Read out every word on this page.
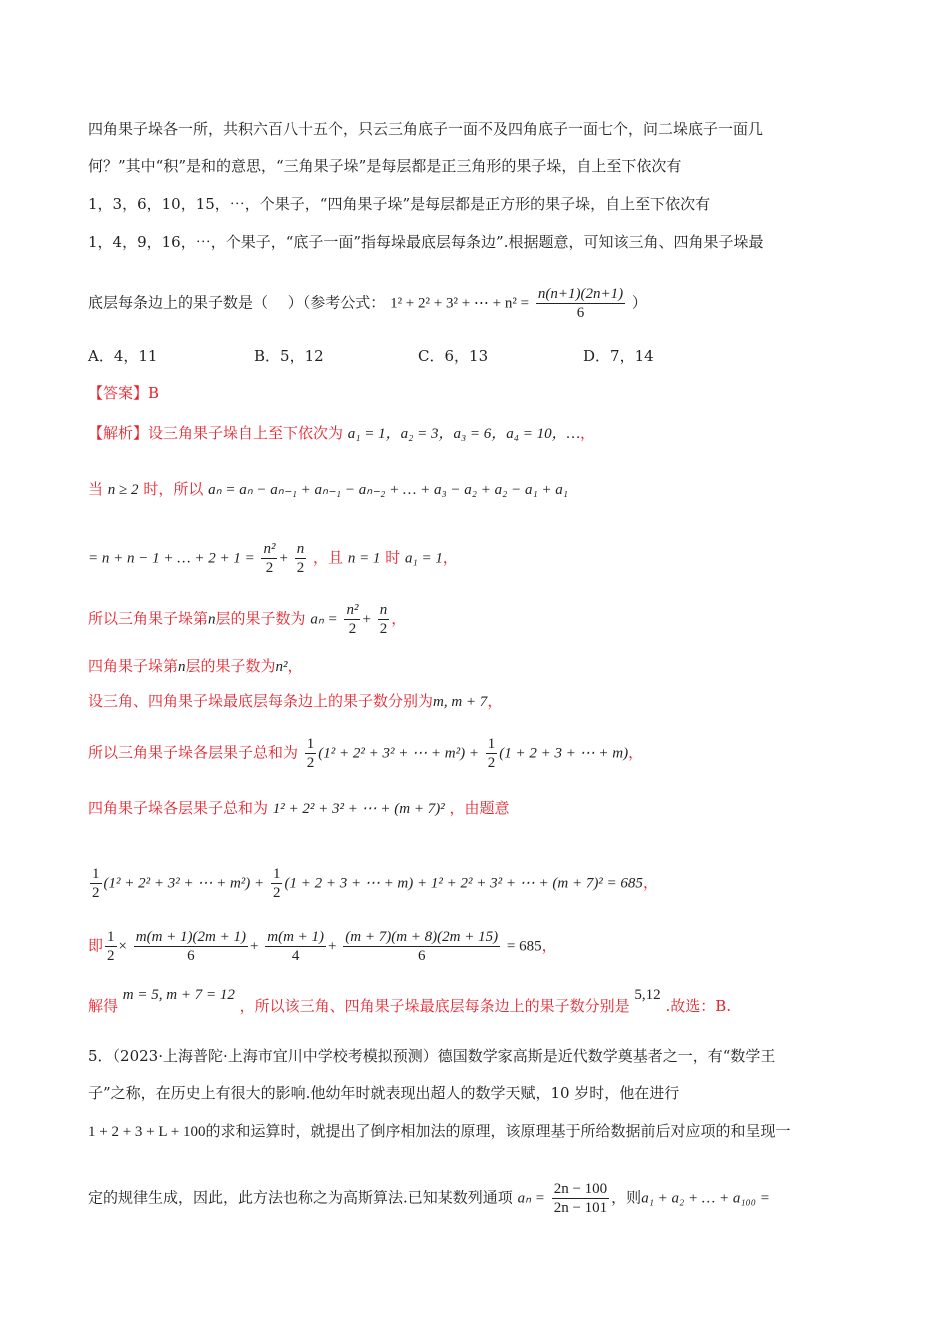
四角果子垛各一所，共积六百八十五个，只云三角底子一面不及四角底子一面七个，问二垛底子一面几
何？”其中“积”是和的意思，“三角果子垛”是每层都是正三角形的果子垛，自上至下依次有
1，3，6，10，15，⋯，个果子，“四角果子垛”是每层都是正方形的果子垛，自上至下依次有
1，4，9，16，⋯，个果子，“底子一面”指每垛最底层每条边”.根据题意，可知该三角、四角果子垛最
底层每条边上的果子数是（　 ）（参考公式： 1² + 2² + 3² + ⋯ + $n^2 = \frac{n(n+1)(2n+1)}{6}$ ）
A．4，11	B．5，12	C．6，13	D．7，14
【答案】B
【解析】设三角果子垛自上至下依次为 a₁ = 1，a₂ = 3，a₃ = 6，a₄ = 10，…，
当 n ≥ 2 时，所以 aₙ = aₙ − aₙ₋₁ + aₙ₋₁ − aₙ₋₂ + … + a₃ − a₂ + a₂ − a₁ + a₁
= n + n − 1 + … + $2 + 1 = \frac{\text{n²}}{2} + \frac{n}{2}$ ，且 n = 1 时 a₁ = 1，
所以三角果子垛第n层的果子数为 $a_n = \frac{\text{n²}}{2} + \frac{n}{2}$ ，
四角果子垛第n层的果子数为n²，
设三角、四角果子垛最底层每条边上的果子数分别为m, m + 7，
所以三角果子垛各层果子总和为 $\frac{1}{2} (1^2 + 2^2 + 3^2$ + ⋯ + $m^2) + \frac{1}{2} (1 + 2 + 3$ + ⋯ + m)，
四角果子垛各层果子总和为 1² + 2² + 3² + ⋯ + (m + 7)² ，由题意
$\frac{1}{2} (1^2 + 2^2 + 3^2$ + ⋯ + $m^2) + \frac{1}{2} (1 + 2 + 3$ + ⋯ + m) + 1² + 2² + 3² + ⋯ + (m + 7)² = 685，
即 $\frac{1}{2} \times \frac{m(m + 1)(2m + 1)}{6} + \frac{m(m + 1)}{4} + \frac{(m + 7)(m + 8)(2m + 15)}{6} = 685$，
解得 m = 5, m + 7 = 12 ，所以该三角、四角果子垛最底层每条边上的果子数分别是 5,12 .故选：B.
5．（2023·上海普陀·上海市宜川中学校考模拟预测）德国数学家高斯是近代数学奠基者之一，有“数学王
子”之称，在历史上有很大的影响.他幼年时就表现出超人的数学天赋，10 岁时，他在进行
1 + 2 + 3 + L + 100的求和运算时，就提出了倒序相加法的原理，该原理基于所给数据前后对应项的和呈现一
定的规律生成，因此，此方法也称之为高斯算法.已知某数列通项 $a_n = \frac{2n - 100}{2n - 101}$ ，则a₁ + a₂ + … + a₁₀₀ =
